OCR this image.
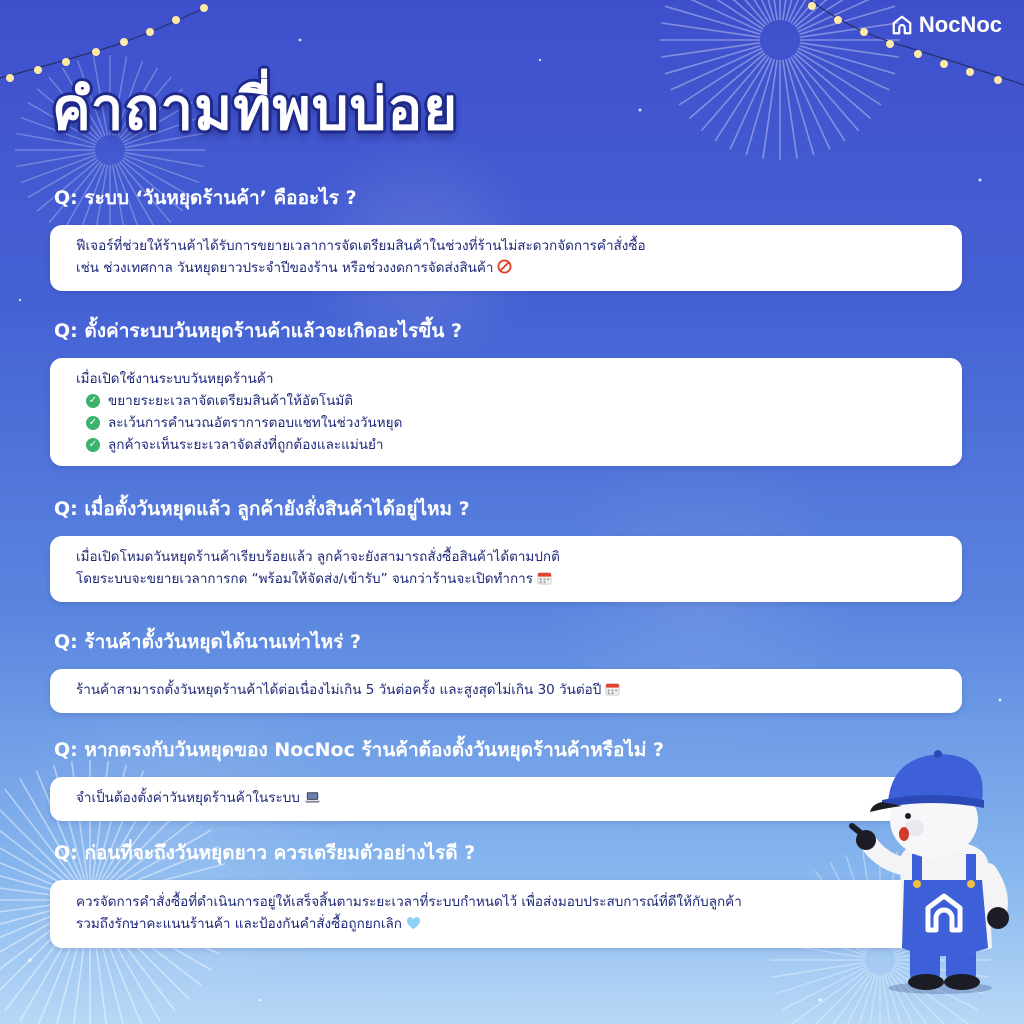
NocNoc
คำถามที่พบบ่อย
Q: ระบบ ‘วันหยุดร้านค้า’ คืออะไร ?

ฟีเจอร์ที่ช่วยให้ร้านค้าได้รับการขยายเวลาการจัดเตรียมสินค้าในช่วงที่ร้านไม่สะดวกจัดการคำสั่งซื้อ

เช่น ช่วงเทศกาล วันหยุดยาวประจำปีของร้าน หรือช่วงงดการจัดส่งสินค้า

Q: ตั้งค่าระบบวันหยุดร้านค้าแล้วจะเกิดอะไรขึ้น ?

เมื่อเปิดใช้งานระบบวันหยุดร้านค้า

✓ ขยายระยะเวลาจัดเตรียมสินค้าให้อัตโนมัติ
✓ ละเว้นการคำนวณอัตราการตอบแชทในช่วงวันหยุด
✓ ลูกค้าจะเห็นระยะเวลาจัดส่งที่ถูกต้องและแม่นยำ
Q: เมื่อตั้งวันหยุดแล้ว ลูกค้ายังสั่งสินค้าได้อยู่ไหม ?

เมื่อเปิดโหมดวันหยุดร้านค้าเรียบร้อยแล้ว ลูกค้าจะยังสามารถสั่งซื้อสินค้าได้ตามปกติ

โดยระบบจะขยายเวลาการกด “พร้อมให้จัดส่ง/เข้ารับ” จนกว่าร้านจะเปิดทำการ

Q: ร้านค้าตั้งวันหยุดได้นานเท่าไหร่ ?

ร้านค้าสามารถตั้งวันหยุดร้านค้าได้ต่อเนื่องไม่เกิน 5 วันต่อครั้ง และสูงสุดไม่เกิน 30 วันต่อปี

Q: หากตรงกับวันหยุดของ NocNoc ร้านค้าต้องตั้งวันหยุดร้านค้าหรือไม่ ?

จำเป็นต้องตั้งค่าวันหยุดร้านค้าในระบบ

Q: ก่อนที่จะถึงวันหยุดยาว ควรเตรียมตัวอย่างไรดี ?

ควรจัดการคำสั่งซื้อที่ดำเนินการอยู่ให้เสร็จสิ้นตามระยะเวลาที่ระบบกำหนดไว้ เพื่อส่งมอบประสบการณ์ที่ดีให้กับลูกค้า

รวมถึงรักษาคะแนนร้านค้า และป้องกันคำสั่งซื้อถูกยกเลิก
